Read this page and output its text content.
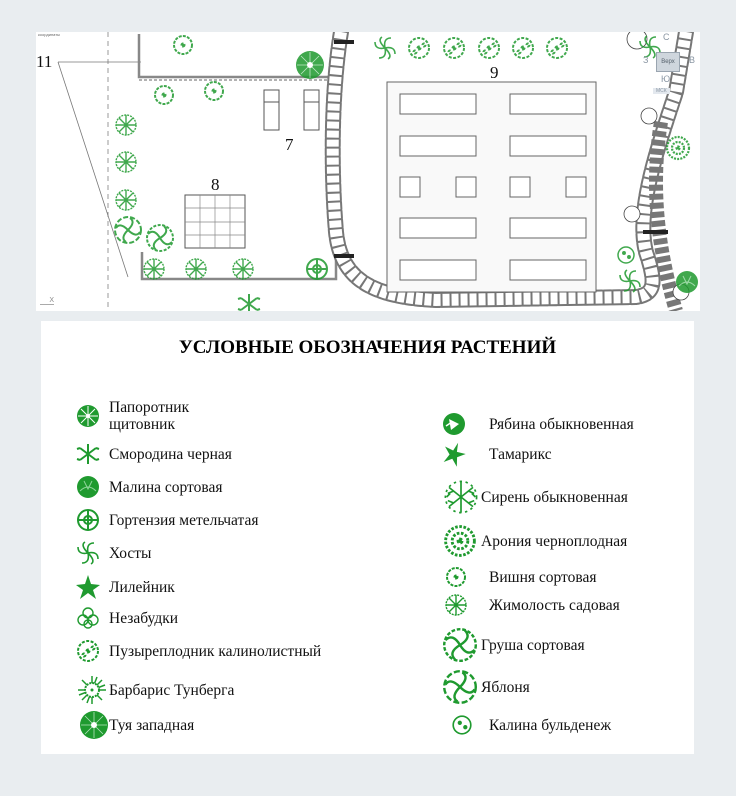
координаты
11
7
8
9
X
С
З	Верх	В
Ю
МСК
УСЛОВНЫЕ ОБОЗНАЧЕНИЯ РАСТЕНИЙ
Папоротник щитовник
Смородина черная
Малина сортовая
Гортензия метельчатая
Хосты
Лилейник
Незабудки
Пузыреплодник калинолистный
Барбарис Тунберга
Туя западная
Рябина обыкновенная
Тамарикс
Сирень обыкновенная
Арония черноплодная
Вишня сортовая
Жимолость садовая
Груша сортовая
Яблоня
Калина бульденеж
